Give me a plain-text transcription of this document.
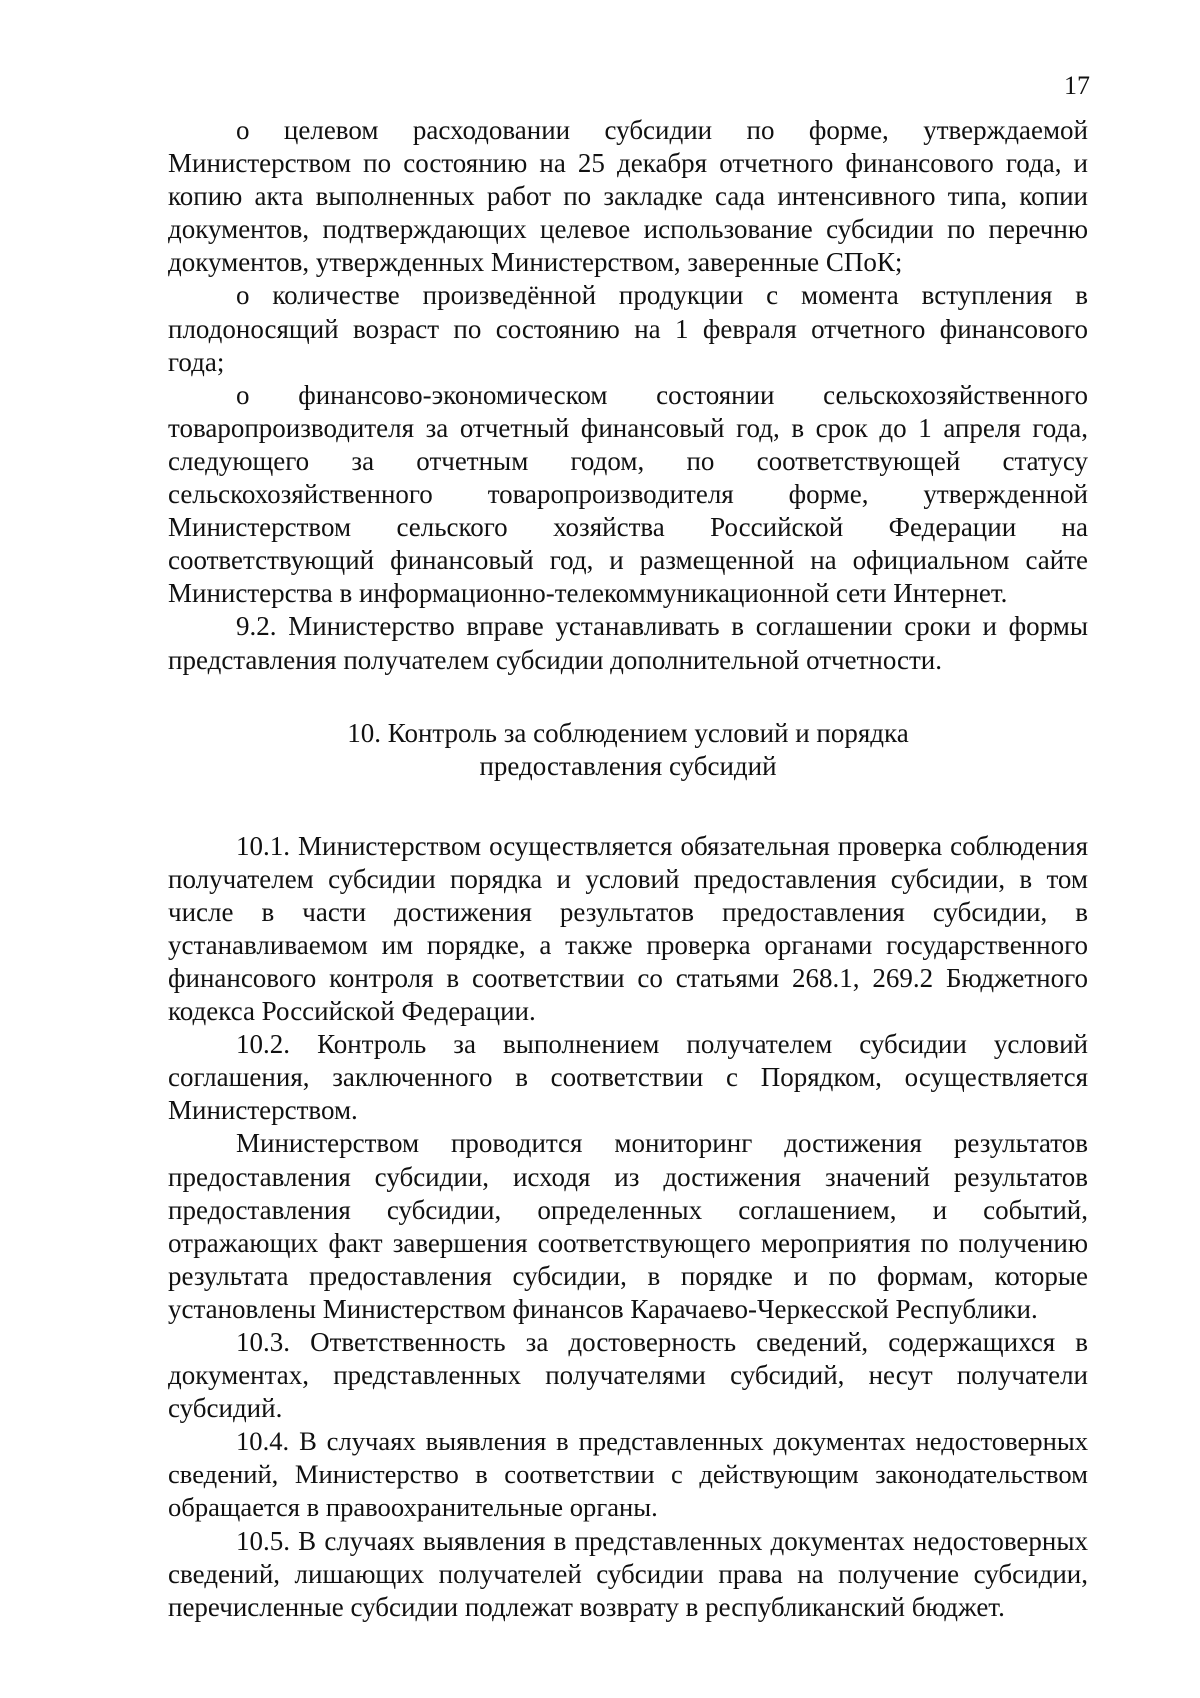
17

о целевом расходовании субсидии по форме, утверждаемой Министерством по состоянию на 25 декабря отчетного финансового года, и копию акта выполненных работ по закладке сада интенсивного типа, копии документов, подтверждающих целевое использование субсидии по перечню документов, утвержденных Министерством, заверенные СПоК;

о количестве произведённой продукции с момента вступления в плодоносящий возраст по состоянию на 1 февраля отчетного финансового года;

о финансово-экономическом состоянии сельскохозяйственного товаропроизводителя за отчетный финансовый год, в срок до 1 апреля года, следующего за отчетным годом, по соответствующей статусу сельскохозяйственного товаропроизводителя форме, утвержденной Министерством сельского хозяйства Российской Федерации на соответствующий финансовый год, и размещенной на официальном сайте Министерства в информационно-телекоммуникационной сети Интернет.

9.2. Министерство вправе устанавливать в соглашении сроки и формы представления получателем субсидии дополнительной отчетности.

10. Контроль за соблюдением условий и порядка
предоставления субсидий

10.1. Министерством осуществляется обязательная проверка соблюдения получателем субсидии порядка и условий предоставления субсидии, в том числе в части достижения результатов предоставления субсидии, в устанавливаемом им порядке, а также проверка органами государственного финансового контроля в соответствии со статьями 268.1, 269.2 Бюджетного кодекса Российской Федерации.

10.2. Контроль за выполнением получателем субсидии условий соглашения, заключенного в соответствии с Порядком, осуществляется Министерством.

Министерством проводится мониторинг достижения результатов предоставления субсидии, исходя из достижения значений результатов предоставления субсидии, определенных соглашением, и событий, отражающих факт завершения соответствующего мероприятия по получению результата предоставления субсидии, в порядке и по формам, которые установлены Министерством финансов Карачаево-Черкесской Республики.

10.3. Ответственность за достоверность сведений, содержащихся в документах, представленных получателями субсидий, несут получатели субсидий.

10.4. В случаях выявления в представленных документах недостоверных сведений, Министерство в соответствии с действующим законодательством обращается в правоохранительные органы.

10.5. В случаях выявления в представленных документах недостоверных сведений, лишающих получателей субсидии права на получение субсидии, перечисленные субсидии подлежат возврату в республиканский бюджет.
